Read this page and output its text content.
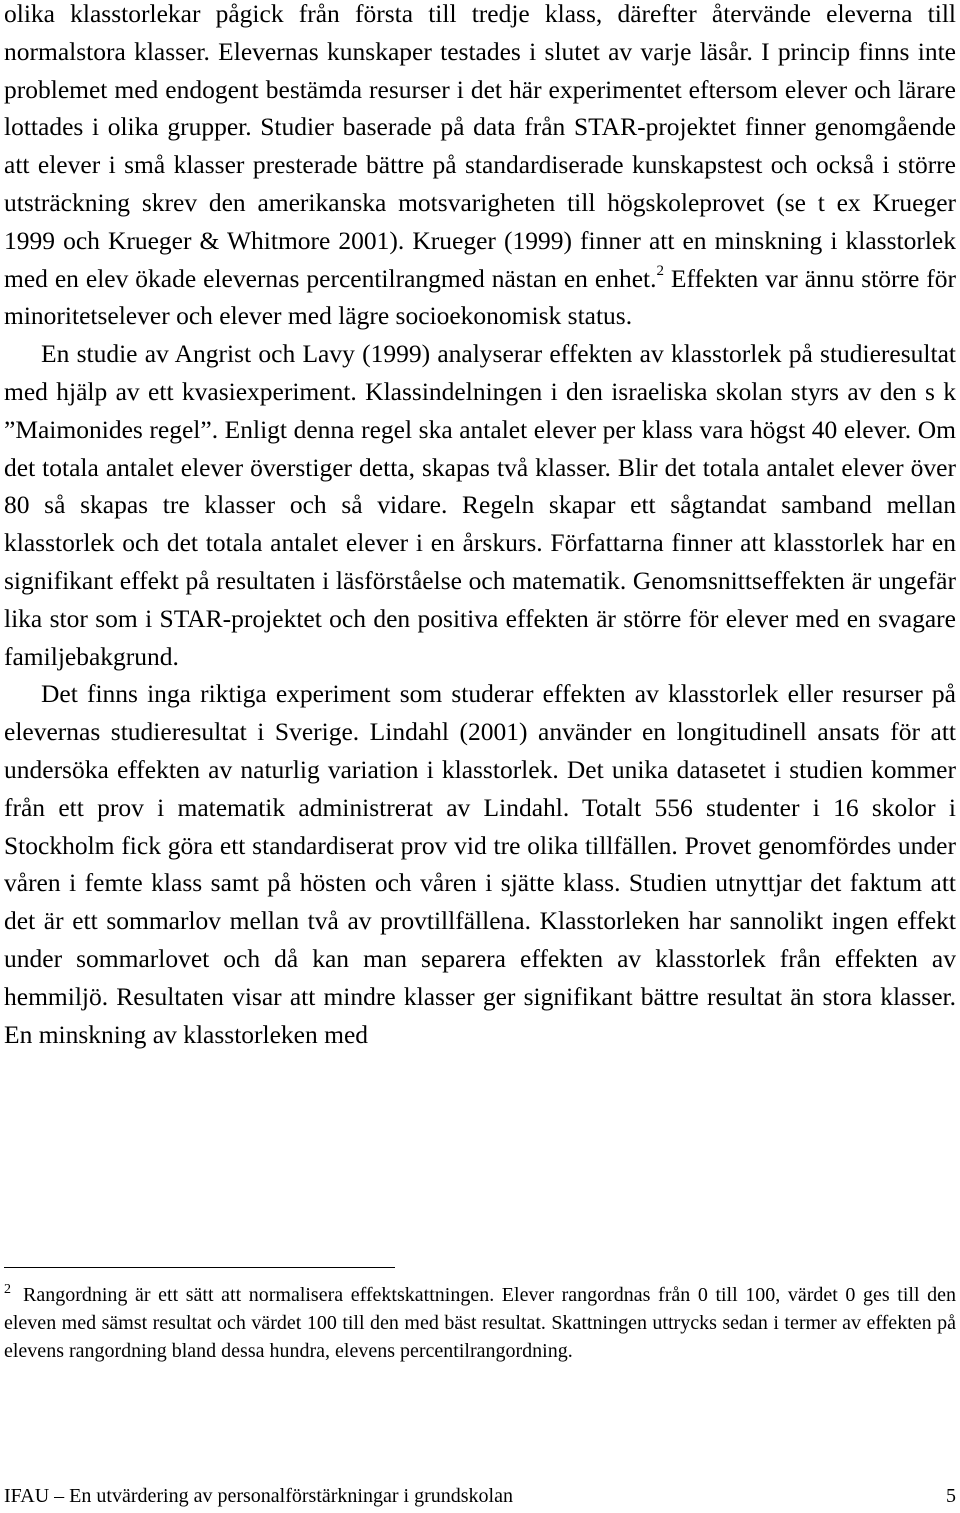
olika klasstorlekar pågick från första till tredje klass, därefter återvände eleverna till normalstora klasser. Elevernas kunskaper testades i slutet av varje läsår. I princip finns inte problemet med endogent bestämda resurser i det här experimentet eftersom elever och lärare lottades i olika grupper. Studier baserade på data från STAR-projektet finner genomgående att elever i små klasser presterade bättre på standardiserade kunskapstest och också i större utsträckning skrev den amerikanska motsvarigheten till högskoleprovet (se t ex Krueger 1999 och Krueger & Whitmore 2001). Krueger (1999) finner att en minskning i klasstorlek med en elev ökade elevernas percentilrangmed nästan en enhet.$^2$ Effekten var ännu större för minoritetselever och elever med lägre socioekonomisk status.

En studie av Angrist och Lavy (1999) analyserar effekten av klasstorlek på studieresultat med hjälp av ett kvasiexperiment. Klassindelningen i den israeliska skolan styrs av den s k ”Maimonides regel”. Enligt denna regel ska antalet elever per klass vara högst 40 elever. Om det totala antalet elever överstiger detta, skapas två klasser. Blir det totala antalet elever över 80 så skapas tre klasser och så vidare. Regeln skapar ett sågtandat samband mellan klasstorlek och det totala antalet elever i en årskurs. Författarna finner att klasstorlek har en signifikant effekt på resultaten i läsförståelse och matematik. Genomsnittseffekten är ungefär lika stor som i STAR-projektet och den positiva effekten är större för elever med en svagare familjebakgrund.

Det finns inga riktiga experiment som studerar effekten av klasstorlek eller resurser på elevernas studieresultat i Sverige. Lindahl (2001) använder en longitudinell ansats för att undersöka effekten av naturlig variation i klasstorlek. Det unika datasetet i studien kommer från ett prov i matematik administrerat av Lindahl. Totalt 556 studenter i 16 skolor i Stockholm fick göra ett standardiserat prov vid tre olika tillfällen. Provet genomfördes under våren i femte klass samt på hösten och våren i sjätte klass. Studien utnyttjar det faktum att det är ett sommarlov mellan två av provtillfällena. Klasstorleken har sannolikt ingen effekt under sommarlovet och då kan man separera effekten av klasstorlek från effekten av hemmiljö. Resultaten visar att mindre klasser ger signifikant bättre resultat än stora klasser. En minskning av klasstorleken med

$^2$ Rangordning är ett sätt att normalisera effektskattningen. Elever rangordnas från 0 till 100, värdet 0 ges till den eleven med sämst resultat och värdet 100 till den med bäst resultat. Skattningen uttrycks sedan i termer av effekten på elevens rangordning bland dessa hundra, elevens percentilrangordning.
IFAU – En utvärdering av personalförstärkningar i grundskolan	5
